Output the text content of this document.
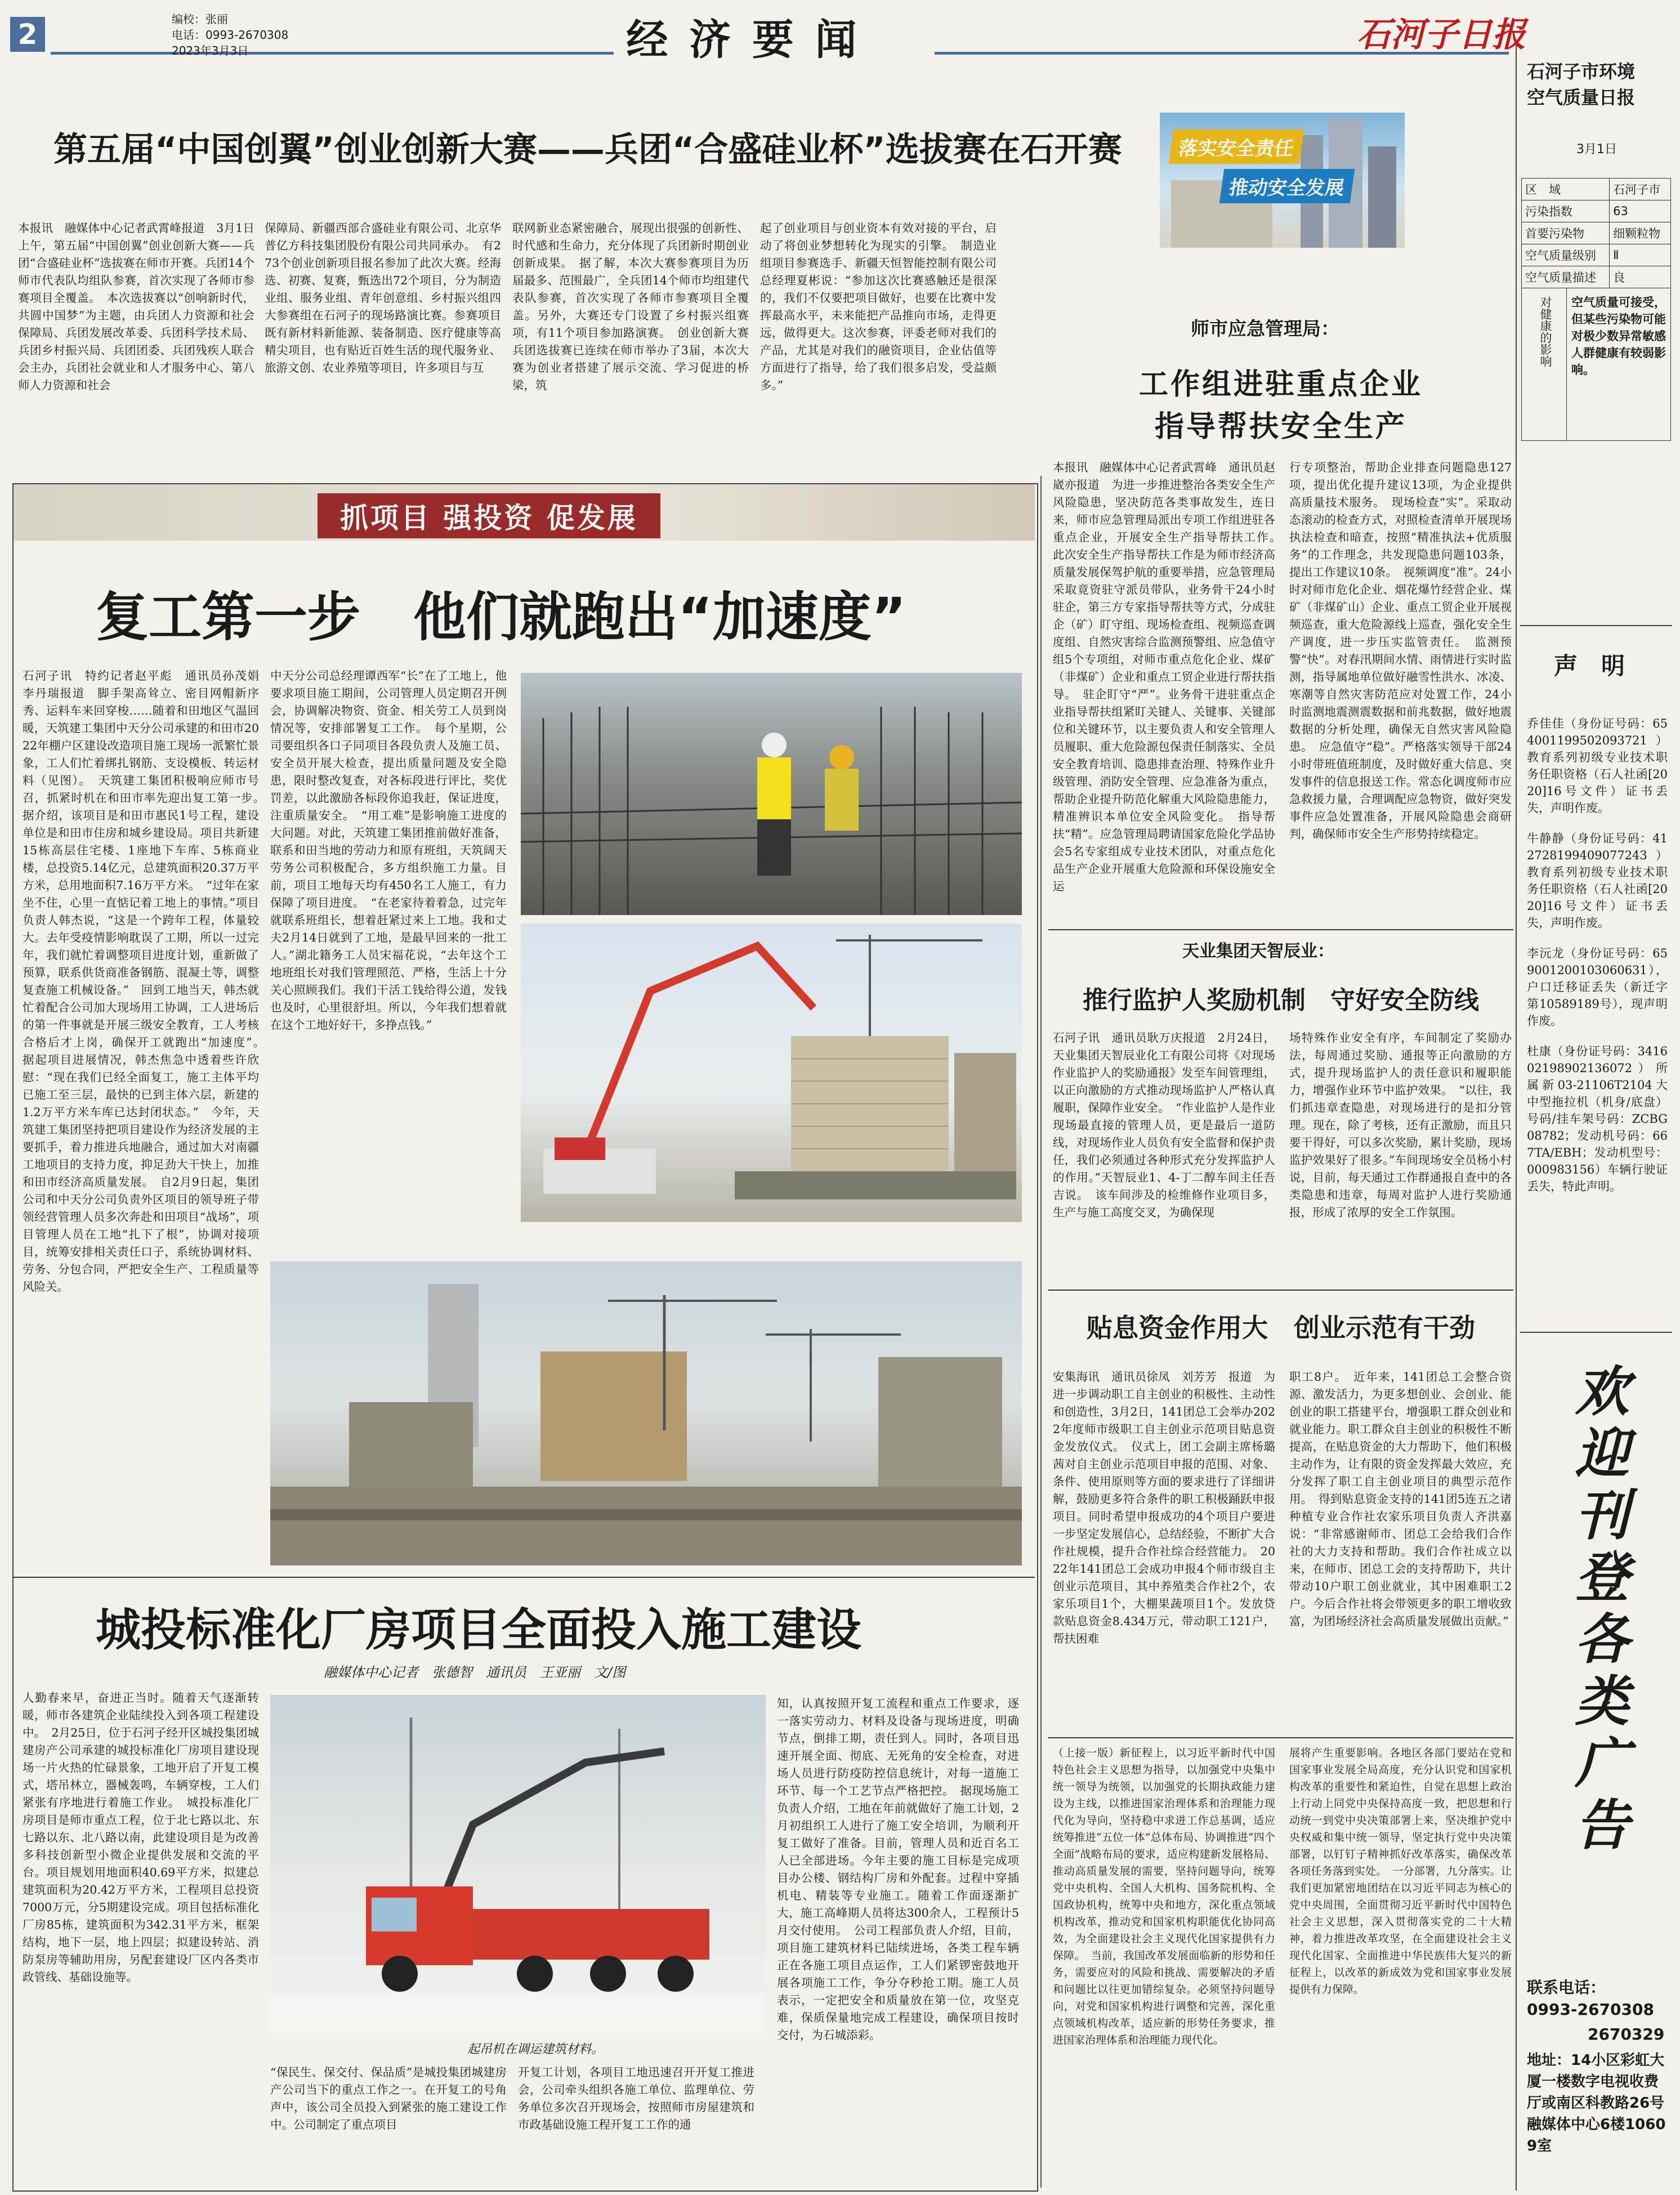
2	编校：张丽
电话：0993-2670308
2023年3月3日	经 济 要 闻	石河子日报
第五届“中国创翼”创业创新大赛——兵团“合盛硅业杯”选拔赛在石开赛
本报讯　融媒体中心记者武霄峰报道　3月1日上午，第五届“中国创翼”创业创新大赛——兵团“合盛硅业杯”选拔赛在师市开赛。兵团14个师市代表队均组队参赛，首次实现了各师市参赛项目全覆盖。　本次选拔赛以“创响新时代，共圆中国梦”为主题，由兵团人力资源和社会保障局、兵团发展改革委、兵团科学技术局、兵团乡村振兴局、兵团团委、兵团残疾人联合会主办，兵团社会就业和人才服务中心、第八师人力资源和社会
保障局、新疆西部合盛硅业有限公司、北京华普亿方科技集团股份有限公司共同承办。　有273个创业创新项目报名参加了此次大赛。经海选、初赛、复赛，甄选出72个项目，分为制造业组、服务业组、青年创意组、乡村振兴组四大参赛组在石河子的现场路演比赛。参赛项目既有新材料新能源、装备制造、医疗健康等高精尖项目，也有贴近百姓生活的现代服务业、旅游文创、农业养殖等项目，许多项目与互
联网新业态紧密融合，展现出很强的创新性、时代感和生命力，充分体现了兵团新时期创业创新成果。　据了解，本次大赛参赛项目为历届最多、范围最广，全兵团14个师市均组建代表队参赛，首次实现了各师市参赛项目全覆盖。另外，大赛还专门设置了乡村振兴组赛项，有11个项目参加路演赛。　创业创新大赛兵团选拔赛已连续在师市举办了3届，本次大赛为创业者搭建了展示交流、学习促进的桥梁，筑
起了创业项目与创业资本有效对接的平台，启动了将创业梦想转化为现实的引擎。　制造业组项目参赛选手、新疆天恒智能控制有限公司总经理夏彬说：“参加这次比赛感触还是很深的，我们不仅要把项目做好，也要在比赛中发挥最高水平，未来能把产品推向市场，走得更远，做得更大。这次参赛，评委老师对我们的产品，尤其是对我们的融资项目，企业估值等方面进行了指导，给了我们很多启发，受益颇多。”
落实安全责任
推动安全发展
师市应急管理局：
工作组进驻重点企业
指导帮扶安全生产
本报讯　融媒体中心记者武霄峰　通讯员赵崴亦报道　为进一步推进整治各类安全生产风险隐患，坚决防范各类事故发生，连日来，师市应急管理局派出专项工作组进驻各重点企业，开展安全生产指导帮扶工作。　此次安全生产指导帮扶工作是为师市经济高质量发展保驾护航的重要举措，应急管理局采取竟资驻守派员带队，业务骨干24小时驻企，第三方专家指导帮扶等方式，分成驻企（矿）盯守组、现场检查组、视频巡查调度组、自然灾害综合监测预警组、应急值守组5个专项组，对师市重点危化企业、煤矿（非煤矿）企业和重点工贸企业进行帮扶指导。　驻企盯守“严”。业务骨干进驻重点企业指导帮扶组紧盯关键人、关键事、关键部位和关键环节，以主要负责人和安全管理人员履职、重大危险源包保责任制落实、全员安全教育培训、隐患排查治理、特殊作业升级管理、消防安全管理、应急准备为重点，帮助企业提升防范化解重大风险隐患能力，精准辨识本单位安全风险变化。　指导帮扶“精”。应急管理局聘请国家危险化学品协会5名专家组成专业技术团队，对重点危化品生产企业开展重大危险源和环保设施安全运
行专项整治，帮助企业排查问题隐患127项，提出优化提升建议13项，为企业提供高质量技术服务。　现场检查“实”。采取动态滚动的检查方式，对照检查清单开展现场执法检查和暗查，按照“精准执法+优质服务”的工作理念，共发现隐患问题103条，提出工作建议10条。　视频调度“准”。24小时对师市危化企业、烟花爆竹经营企业、煤矿（非煤矿山）企业、重点工贸企业开展视频巡查，重大危险源线上巡查，强化安全生产调度，进一步压实监管责任。　监测预警“快”。对春汛期间水情、雨情进行实时监测，指导属地单位做好融雪性洪水、冰凌、寒潮等自然灾害防范应对处置工作，24小时监测地震测震数据和前兆数据，做好地震数据的分析处理，确保无自然灾害风险隐患。　应急值守“稳”。严格落实领导干部24小时带班值班制度，及时做好重大信息、突发事件的信息报送工作。常态化调度师市应急救援力量，合理调配应急物资，做好突发事件应急处置准备，开展风险隐患会商研判，确保师市安全生产形势持续稳定。
天业集团天智辰业：
推行监护人奖励机制　守好安全防线
石河子讯　通讯员耿万庆报道　2月24日，天业集团天智辰业化工有限公司将《对现场作业监护人的奖励通报》发至车间管理组，以正向激励的方式推动现场监护人严格认真履职，保障作业安全。　“作业监护人是作业现场最直接的管理人员，更是最后一道防线，对现场作业人员负有安全监督和保护责任，我们必须通过各种形式充分发挥监护人的作用。”天智辰业1、4-丁二醇车间主任吾吉说。　该车间涉及的检维修作业项目多，生产与施工高度交叉，为确保现
场特殊作业安全有序，车间制定了奖励办法，每周通过奖励、通报等正向激励的方式，提升现场监护人的责任意识和履职能力，增强作业环节中监护效果。　“以往，我们抓违章查隐患，对现场进行的是扣分管理。现在，除了考核，还有正激励，而且只要干得好，可以多次奖励，累计奖励，现场监护效果好了很多。”车间现场安全员杨小村说，目前，每天通过工作群通报自查中的各类隐患和违章，每周对监护人进行奖励通报，形成了浓厚的安全工作氛围。
贴息资金作用大　创业示范有干劲
安集海讯　通讯员徐凤　刘芳芳　报道　为进一步调动职工自主创业的积极性、主动性和创造性，3月2日，141团总工会举办2022年度师市级职工自主创业示范项目贴息资金发放仪式。　仪式上，团工会副主席杨璐茜对自主创业示范项目申报的范围、对象、条件、使用原则等方面的要求进行了详细讲解，鼓励更多符合条件的职工积极踊跃申报项目。同时希望申报成功的4个项目户要进一步坚定发展信心，总结经验，不断扩大合作社规模，提升合作社综合经营能力。　2022年141团总工会成功申报4个师市级自主创业示范项目，其中养殖类合作社2个，农家乐项目1个，大棚果蔬项目1个。发放贷款贴息资金8.434万元，带动职工121户，帮扶困难
职工8户。　近年来，141团总工会整合资源、激发活力，为更多想创业、会创业、能创业的职工搭建平台，增强职工群众创业和就业能力。职工群众自主创业的积极性不断提高，在贴息资金的大力帮助下，他们积极主动作为，让有限的资金发挥最大效应，充分发挥了职工自主创业项目的典型示范作用。　得到贴息资金支持的141团5连五之诸种植专业合作社农家乐项目负责人齐洪嘉说：“非常感谢师市、团总工会给我们合作社的大力支持和帮助。我们合作社成立以来，在师市、团总工会的支持帮助下，共计带动10户职工创业就业，其中困难职工2户。今后合作社将会带领更多的职工增收致富，为团场经济社会高质量发展做出贡献。”
（上接一版）新征程上，以习近平新时代中国特色社会主义思想为指导，以加强党中央集中统一领导为统领，以加强党的长期执政能力建设为主线，以推进国家治理体系和治理能力现代化为导向，坚持稳中求进工作总基调，适应统筹推进“五位一体”总体布局、协调推进“四个全面”战略布局的要求，适应构建新发展格局、推动高质量发展的需要，坚持问题导向，统筹党中央机构、全国人大机构、国务院机构、全国政协机构，统筹中央和地方，深化重点领域机构改革，推动党和国家机构职能优化协同高效，为全面建设社会主义现代化国家提供有力保障。　当前，我国改革发展面临新的形势和任务，需要应对的风险和挑战、需要解决的矛盾和问题比以往更加错综复杂。必须坚持问题导向，对党和国家机构进行调整和完善，深化重点领域机构改革，适应新的形势任务要求，推进国家治理体系和治理能力现代化。
展将产生重要影响。各地区各部门要站在党和国家事业发展全局高度，充分认识党和国家机构改革的重要性和紧迫性，自觉在思想上政治上行动上同党中央保持高度一致，把思想和行动统一到党中央决策部署上来，坚决维护党中央权威和集中统一领导，坚定执行党中央决策部署，以钉钉子精神抓好改革落实，确保改革各项任务落到实处。　一分部署，九分落实。让我们更加紧密地团结在以习近平同志为核心的党中央周围，全面贯彻习近平新时代中国特色社会主义思想，深入贯彻落实党的二十大精神，着力推进改革攻坚，在全面建设社会主义现代化国家、全面推进中华民族伟大复兴的新征程上，以改革的新成效为党和国家事业发展提供有力保障。
抓项目 强投资 促发展
复工第一步　他们就跑出“加速度”
石河子讯　特约记者赵平彪　通讯员孙茂娟　李丹瑞报道　脚手架高耸立、密目网帽新序秀、运料车来回穿梭……随着和田地区气温回暖，天筑建工集团中天分公司承建的和田市2022年棚户区建设改造项目施工现场一派繁忙景象，工人们忙着绑扎钢筋、支设模板、转运材料（见图）。　天筑建工集团积极响应师市号召，抓紧时机在和田市率先迎出复工第一步。　据介绍，该项目是和田市惠民1号工程，建设单位是和田市住房和城乡建设局。项目共新建15栋高层住宅楼、1座地下车库、5栋商业楼，总投资5.14亿元，总建筑面积20.37万平方米，总用地面积7.16万平方米。　“过年在家坐不住，心里一直惦记着工地上的事情。”项目负责人韩杰说，“这是一个跨年工程，体量较大。去年受疫情影响耽误了工期，所以一过完年，我们就忙着调整项目进度计划，重新做了预算，联系供货商准备钢筋、混凝土等，调整复查施工机械设备。”　回到工地当天，韩杰就忙着配合公司加大现场用工协调，工人进场后的第一件事就是开展三级安全教育，工人考核合格后才上岗，确保开工就跑出“加速度”。　据起项目进展情况，韩杰焦急中透着些许欣慰：“现在我们已经全面复工，施工主体平均已施工至三层，最快的已到主体六层，新建的1.2万平方米车库已达封闭状态。”　今年，天筑建工集团坚持把项目建设作为经济发展的主要抓手，着力推进兵地融合，通过加大对南疆工地项目的支持力度，抑足劲大干快上，加推和田市经济高质量发展。　自2月9日起，集团公司和中天分公司负责外区项目的领导班子带领经营管理人员多次奔赴和田项目“战场”，项目管理人员在工地“扎下了根”，协调对接项目，统筹安排相关责任口子，系统协调材料、劳务、分包合同，严把安全生产、工程质量等风险关。
中天分公司总经理谭西军“长”在了工地上，他要求项目施工期间，公司管理人员定期召开例会，协调解决物资、资金、相关劳工人员到岗情况等，安排部署复工工作。　每个星期，公司要组织各口子同项目各段负责人及施工员、安全员开展大检查，提出质量问题及安全隐患，限时整改复查，对各标段进行评比，奖优罚差，以此激励各标段你追我赶，保证进度，注重质量安全。　“用工难”是影响施工进度的大问题。对此，天筑建工集团推前做好准备，联系和田当地的劳动力和原有班组，天筑阔天劳务公司积极配合，多方组织施工力量。目前，项目工地每天均有450名工人施工，有力保障了项目进度。　“在老家待着着急，过完年就联系班组长，想着赶紧过来上工地。我和丈夫2月14日就到了工地，是最早回来的一批工人。”湖北籍务工人员宋福花说，“去年这个工地班组长对我们管理照范、严格，生活上十分关心照顾我们。我们干活工钱给得公道，发钱也及时，心里很舒坦。所以，今年我们想着就在这个工地好好干，多挣点钱。”
城投标准化厂房项目全面投入施工建设
融媒体中心记者　张德智　通讯员　王亚丽　文/图
人勤春来早，奋进正当时。随着天气逐渐转暖，师市各建筑企业陆续投入到各项工程建设中。　2月25日，位于石河子经开区城投集团城建房产公司承建的城投标准化厂房项目建设现场一片火热的忙碌景象，工地开启了开复工模式，塔吊林立，器械轰鸣，车辆穿梭，工人们紧张有序地进行着施工作业。　城投标准化厂房项目是师市重点工程，位于北七路以北、东七路以东、北八路以南，此建设项目是为改善多科技创新型小微企业提供发展和交流的平台。项目规划用地面积40.69平方米，拟建总建筑面积为20.42万平方米，工程项目总投资7000万元，分5期建设完成。项目包括标准化厂房85栋，建筑面积为342.31平方米，框架结构，地下一层，地上四层；拟建设转站、消防泵房等辅助用房，另配套建设厂区内各类市政管线、基础设施等。
起吊机在调运建筑材料。
“保民生、保交付、保品质”是城投集团城建房产公司当下的重点工作之一。在开复工的号角声中，该公司全员投入到紧张的施工建设工作中。公司制定了重点项目
开复工计划，各项目工地迅速召开开复工推进会，公司牵头组织各施工单位、监理单位、劳务单位多次召开现场会，按照师市房屋建筑和市政基础设施工程开复工工作的通
知，认真按照开复工流程和重点工作要求，逐一落实劳动力、材料及设备与现场进度，明确节点，倒排工期，责任到人。同时，各项目迅速开展全面、彻底、无死角的安全检查，对进场人员进行防疫防控信息统计，对每一道施工环节、每一个工艺节点严格把控。　据现场施工负责人介绍，工地在年前就做好了施工计划，2月初组织工人进行了施工安全培训，为顺利开复工做好了准备。目前，管理人员和近百名工人已全部进场。今年主要的施工目标是完成项目办公楼、钢结构厂房和外配套。过程中穿插机电、精装等专业施工。随着工作面逐渐扩大，施工高峰期人员将达300余人，工程预计5月交付使用。　公司工程部负责人介绍，目前，项目施工建筑材料已陆续进场，各类工程车辆正在各施工项目点运作，工人们紧锣密鼓地开展各项施工工作，争分夺秒抢工期。施工人员表示，一定把安全和质量放在第一位，攻坚克难，保质保量地完成工程建设，确保项目按时交付，为石城添彩。
石河子市环境
空气质量日报
3月1日
区　域	石河子市
污染指数	63
首要污染物	细颗粒物
空气质量级别	Ⅱ
空气质量描述	良
对健康的影响	空气质量可接受，但某些污染物可能对极少数异常敏感人群健康有较弱影响。
声　明

乔佳佳（身份证号码：654001199502093721）教育系列初级专业技术职务任职资格（石人社函[2020]16号文件）证书丢失，声明作废。

牛静静（身份证号码：412728199409077243）教育系列初级专业技术职务任职资格（石人社函[2020]16号文件）证书丢失，声明作废。

李沅龙（身份证号码：659001200103060631），户口迁移证丢失（新迁字第10589189号），现声明作废。

杜康（身份证号码：341602198902136072）所属新03-21106T2104大中型拖拉机（机身/底盘）号码/挂车架号码：ZCBG08782；发动机号码：667TA/EBH；发动机型号：000983156）车辆行驶证丢失，特此声明。

欢迎刊登各类广告
联系电话：
0993-2670308
2670329
地址：14小区彩虹大厦一楼数字电视收费厅或南区科教路26号融媒体中心6楼10609室
